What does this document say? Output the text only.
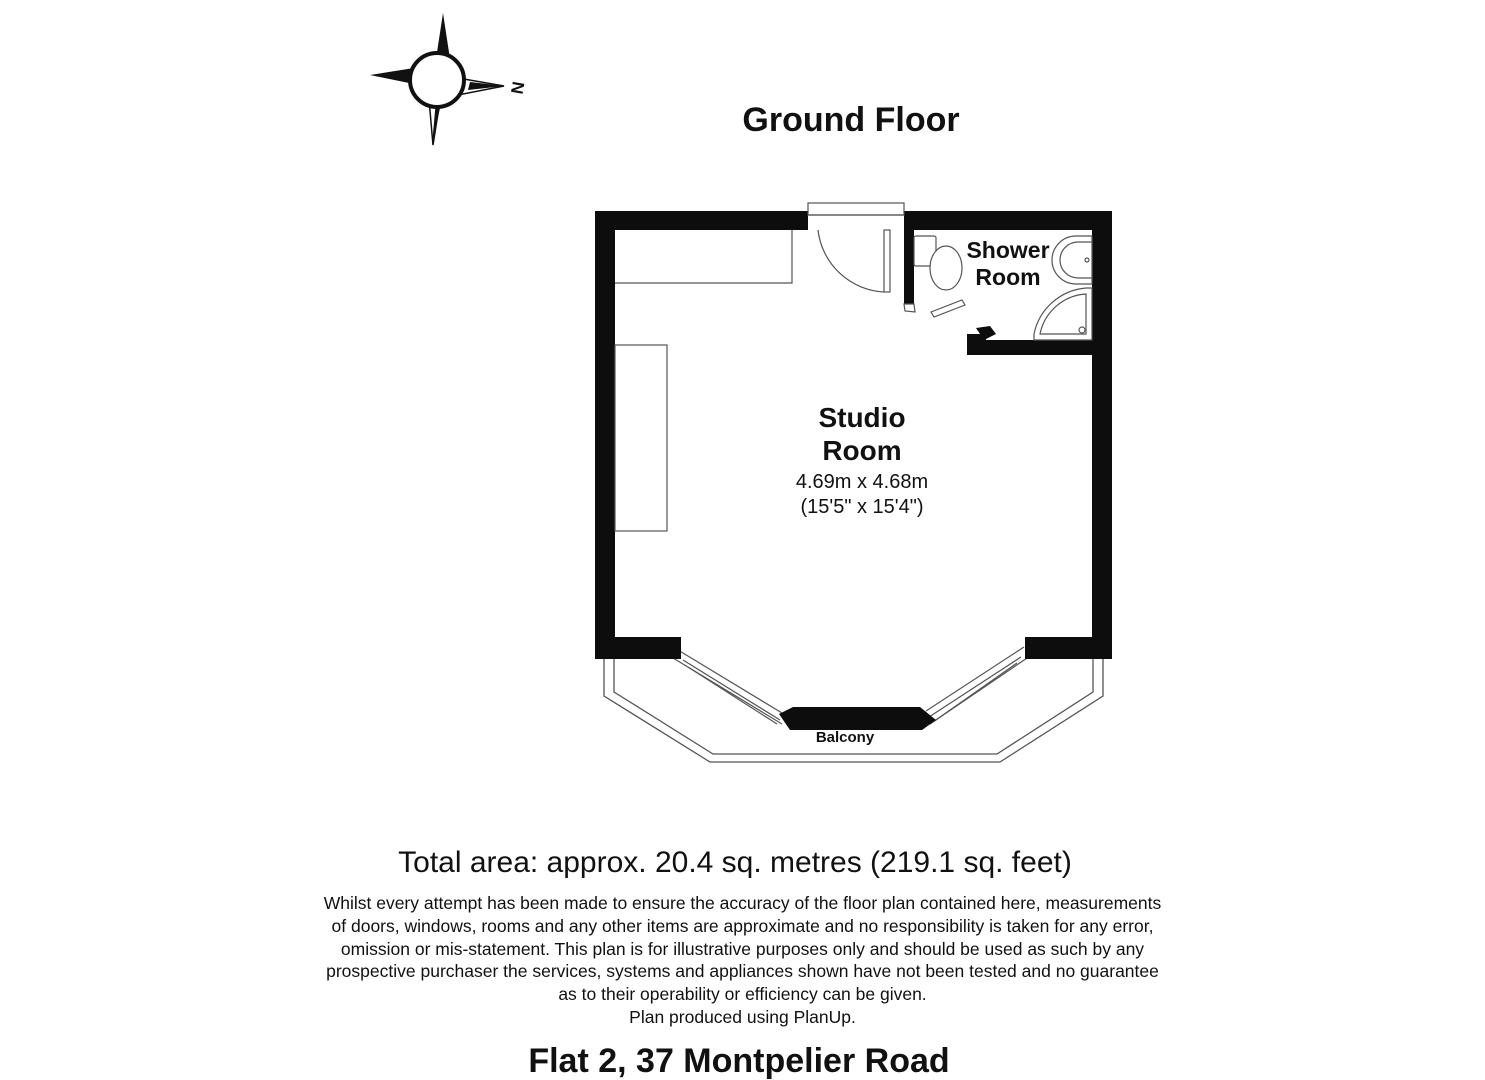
N
Ground Floor
Shower
Room
Studio
Room
4.69m x 4.68m
(15'5" x 15'4")
Balcony
Total area: approx. 20.4 sq. metres (219.1 sq. feet)
Flat 2, 37 Montpelier Road
Whilst every attempt has been made to ensure the accuracy of the floor plan contained here, measurements
of doors, windows, rooms and any other items are approximate and no responsibility is taken for any error,
omission or mis-statement. This plan is for illustrative purposes only and should be used as such by any
prospective purchaser the services, systems and appliances shown have not been tested and no guarantee
as to their operability or efficiency can be given.
Plan produced using PlanUp.
